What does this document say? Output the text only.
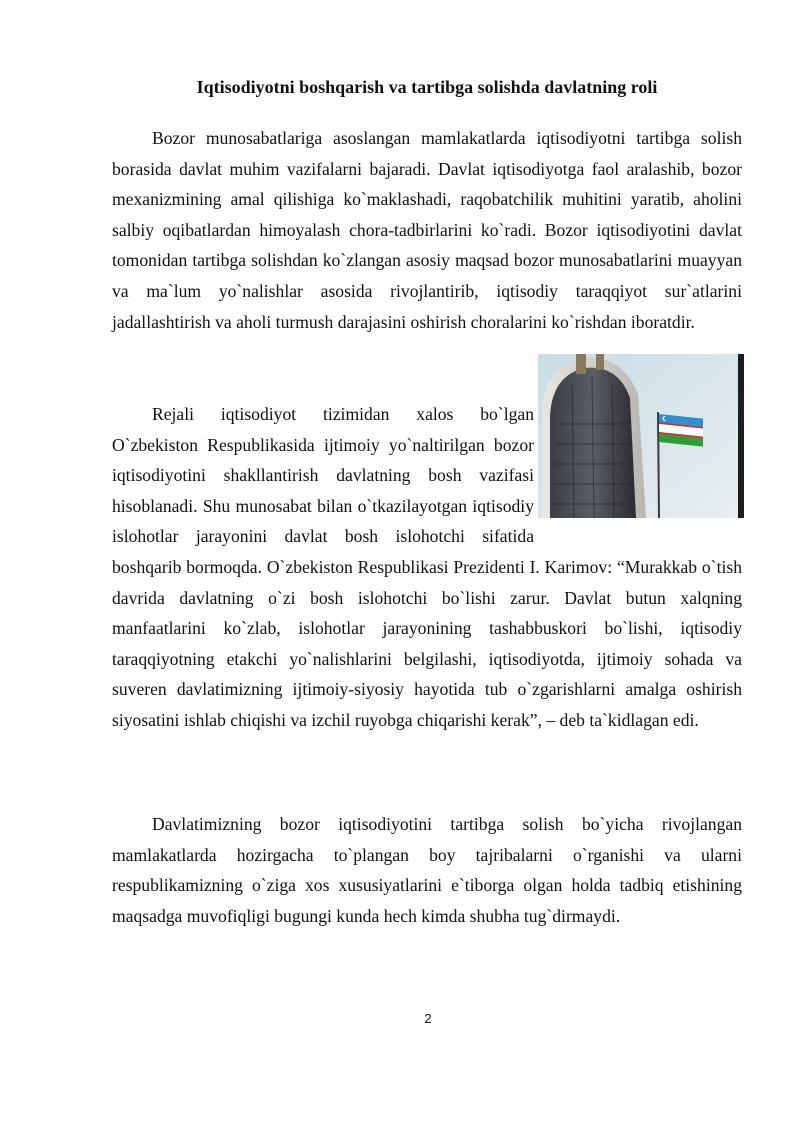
Iqtisodiyotni boshqarish va tartibga solishda davlatning roli

Bozor munosabatlariga asoslangan mamlakatlarda iqtisodiyotni tartibga solish borasida davlat muhim vazifalarni bajaradi. Davlat iqtisodiyotga faol aralashib, bozor mexanizmining amal qilishiga ko`maklashadi, raqobatchilik muhitini yaratib, aholini salbiy oqibatlardan himoyalash chora-tadbirlarini ko`radi. Bozor iqtisodiyotini davlat tomonidan tartibga solishdan ko`zlangan asosiy maqsad bozor munosabatlarini muayyan va ma`lum yo`nalishlar asosida rivojlantirib, iqtisodiy taraqqiyot sur`atlarini jadallashtirish va aholi turmush darajasini oshirish choralarini ko`rishdan iboratdir.

Rejali iqtisodiyot tizimidan xalos bo`lgan O`zbekiston Respublikasida ijtimoiy yo`naltirilgan bozor iqtisodiyotini shakllantirish davlatning bosh vazifasi hisoblanadi. Shu munosabat bilan o`tkazilayotgan iqtisodiy islohotlar jarayonini davlat bosh islohotchi sifatida boshqarib bormoqda. O`zbekiston Respublikasi Prezidenti I. Karimov: “Murakkab o`tish davrida davlatning o`zi bosh islohotchi bo`lishi zarur. Davlat butun xalqning manfaatlarini ko`zlab, islohotlar jarayonining tashabbuskori bo`lishi, iqtisodiy taraqqiyotning etakchi yo`nalishlarini belgilashi, iqtisodiyotda, ijtimoiy sohada va suveren davlatimizning ijtimoiy-siyosiy hayotida tub o`zgarishlarni amalga oshirish siyosatini ishlab chiqishi va izchil ruyobga chiqarishi kerak”, – deb ta`kidlagan edi.

Davlatimizning bozor iqtisodiyotini tartibga solish bo`yicha rivojlangan mamlakatlarda hozirgacha to`plangan boy tajribalarni o`rganishi va ularni respublikamizning o`ziga xos xususiyatlarini e`tiborga olgan holda tadbiq etishining maqsadga muvofiqligi bugungi kunda hech kimda shubha tug`dirmaydi.

2
